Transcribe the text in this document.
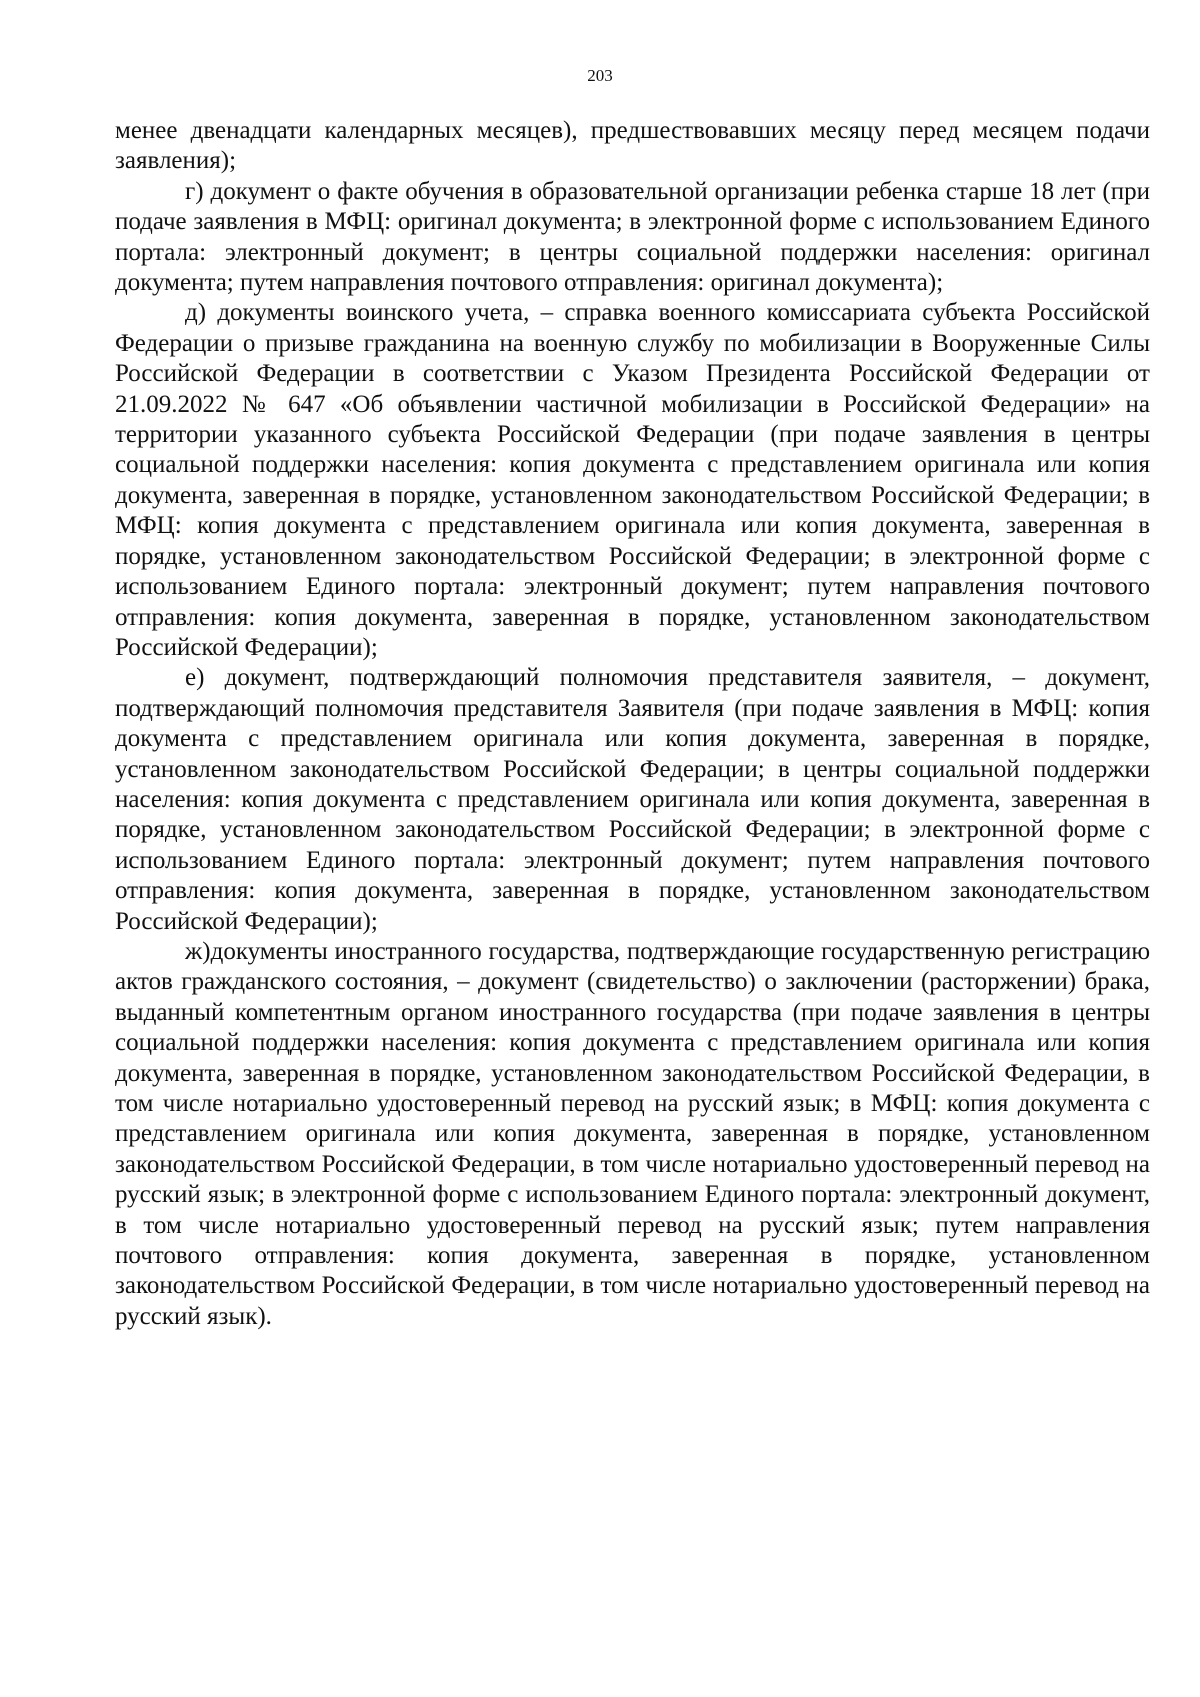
203

менее двенадцати календарных месяцев), предшествовавших месяцу перед месяцем подачи заявления);

г) документ о факте обучения в образовательной организации ребенка старше 18 лет (при подаче заявления в МФЦ: оригинал документа; в электронной форме с использованием Единого портала: электронный документ; в центры социальной поддержки населения: оригинал документа; путем направления почтового отправления: оригинал документа);

д) документы воинского учета, – справка военного комиссариата субъекта Российской Федерации о призыве гражданина на военную службу по мобилизации в Вооруженные Силы Российской Федерации в соответствии с Указом Президента Российской Федерации от 21.09.2022 № 647 «Об объявлении частичной мобилизации в Российской Федерации» на территории указанного субъекта Российской Федерации (при подаче заявления в центры социальной поддержки населения: копия документа с представлением оригинала или копия документа, заверенная в порядке, установленном законодательством Российской Федерации; в МФЦ: копия документа с представлением оригинала или копия документа, заверенная в порядке, установленном законодательством Российской Федерации; в электронной форме с использованием Единого портала: электронный документ; путем направления почтового отправления: копия документа, заверенная в порядке, установленном законодательством Российской Федерации);

е) документ, подтверждающий полномочия представителя заявителя, – документ, подтверждающий полномочия представителя Заявителя (при подаче заявления в МФЦ: копия документа с представлением оригинала или копия документа, заверенная в порядке, установленном законодательством Российской Федерации; в центры социальной поддержки населения: копия документа с представлением оригинала или копия документа, заверенная в порядке, установленном законодательством Российской Федерации; в электронной форме с использованием Единого портала: электронный документ; путем направления почтового отправления: копия документа, заверенная в порядке, установленном законодательством Российской Федерации);

ж)документы иностранного государства, подтверждающие государственную регистрацию актов гражданского состояния, – документ (свидетельство) о заключении (расторжении) брака, выданный компетентным органом иностранного государства (при подаче заявления в центры социальной поддержки населения: копия документа с представлением оригинала или копия документа, заверенная в порядке, установленном законодательством Российской Федерации, в том числе нотариально удостоверенный перевод на русский язык; в МФЦ: копия документа с представлением оригинала или копия документа, заверенная в порядке, установленном законодательством Российской Федерации, в том числе нотариально удостоверенный перевод на русский язык; в электронной форме с использованием Единого портала: электронный документ, в том числе нотариально удостоверенный перевод на русский язык; путем направления почтового отправления: копия документа, заверенная в порядке, установленном законодательством Российской Федерации, в том числе нотариально удостоверенный перевод на русский язык).
